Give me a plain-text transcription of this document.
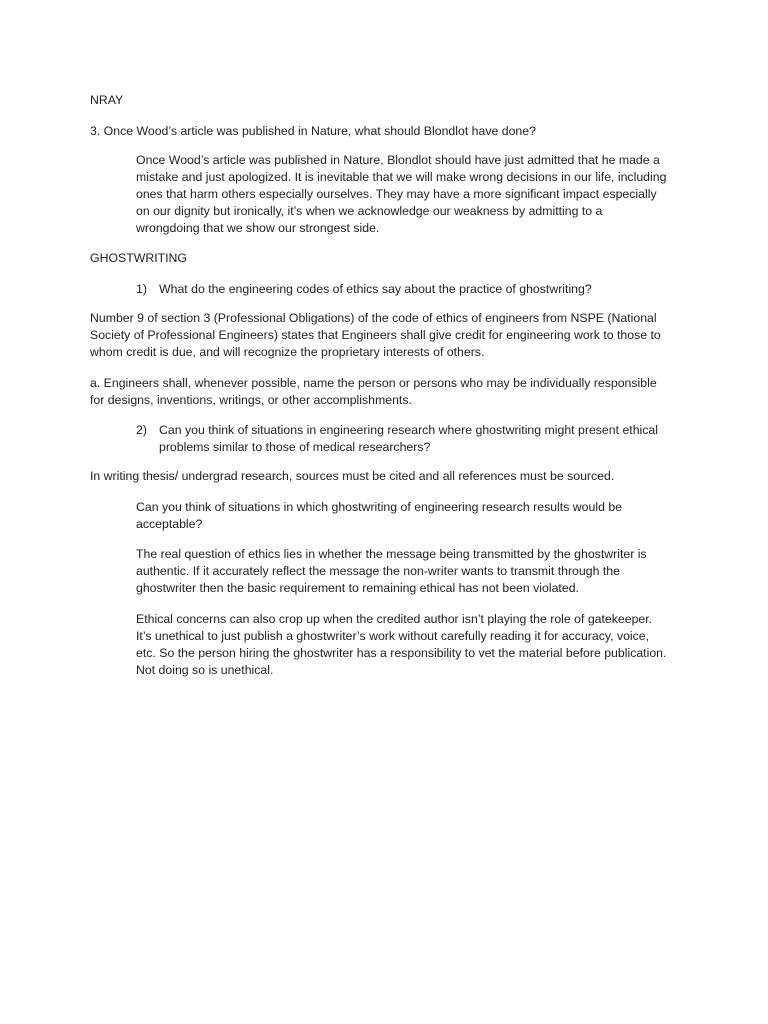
NRAY

3. Once Wood’s article was published in Nature, what should Blondlot have done?

Once Wood’s article was published in Nature, Blondlot should have just admitted that he made a
mistake and just apologized. It is inevitable that we will make wrong decisions in our life, including
ones that harm others especially ourselves. They may have a more significant impact especially
on our dignity but ironically, it’s when we acknowledge our weakness by admitting to a
wrongdoing that we show our strongest side.

GHOSTWRITING

1) What do the engineering codes of ethics say about the practice of ghostwriting?

Number 9 of section 3 (Professional Obligations) of the code of ethics of engineers from NSPE (National
Society of Professional Engineers) states that Engineers shall give credit for engineering work to those to
whom credit is due, and will recognize the proprietary interests of others.

a. Engineers shall, whenever possible, name the person or persons who may be individually responsible
for designs, inventions, writings, or other accomplishments.

2) Can you think of situations in engineering research where ghostwriting might present ethical
problems similar to those of medical researchers?

In writing thesis/ undergrad research, sources must be cited and all references must be sourced.

Can you think of situations in which ghostwriting of engineering research results would be
acceptable?

The real question of ethics lies in whether the message being transmitted by the ghostwriter is
authentic. If it accurately reflect the message the non-writer wants to transmit through the
ghostwriter then the basic requirement to remaining ethical has not been violated.

Ethical concerns can also crop up when the credited author isn’t playing the role of gatekeeper.
It’s unethical to just publish a ghostwriter’s work without carefully reading it for accuracy, voice,
etc. So the person hiring the ghostwriter has a responsibility to vet the material before publication.
Not doing so is unethical.
